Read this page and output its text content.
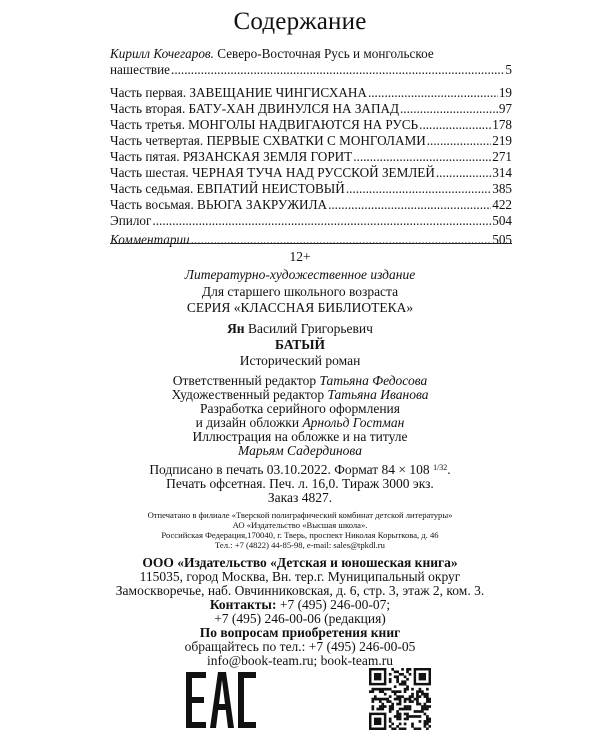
Содержание
Кирилл Кочегаров. Северо-Восточная Русь и монгольское
нашествие .....	5
Часть первая. ЗАВЕЩАНИЕ ЧИНГИСХАНА .....	19
Часть вторая. БАТУ-ХАН ДВИНУЛСЯ НА ЗАПАД .....	97
Часть третья. МОНГОЛЫ НАДВИГАЮТСЯ НА РУСЬ .....	178
Часть четвертая. ПЕРВЫЕ СХВАТКИ С МОНГОЛАМИ .....	219
Часть пятая. РЯЗАНСКАЯ ЗЕМЛЯ ГОРИТ .....	271
Часть шестая. ЧЕРНАЯ ТУЧА НАД РУССКОЙ ЗЕМЛЕЙ .....	314
Часть седьмая. ЕВПАТИЙ НЕИСТОВЫЙ .....	385
Часть восьмая. ВЬЮГА ЗАКРУЖИЛА .....	422
Эпилог .....	504
Комментарии .....	505
12+
Литературно-художественное издание
Для старшего школьного возраста
СЕРИЯ «КЛАССНАЯ БИБЛИОТЕКА»
Ян Василий Григорьевич
БАТЫЙ
Исторический роман
Ответственный редактор Татьяна Федосова
Художественный редактор Татьяна Иванова
Разработка серийного оформления
и дизайн обложки Арнольд Гостман
Иллюстрация на обложке и на титуле
Марьям Садердинова
Подписано в печать 03.10.2022. Формат 84 × 108 $^{1/32}$.
Печать офсетная. Печ. л. 16,0. Тираж 3000 экз.
Заказ 4827.
Отпечатано в филиале «Тверской полиграфический комбинат детской литературы»
АО «Издательство «Высшая школа».
Российская Федерация,170040, г. Тверь, проспект Николая Корыткова, д. 46
Тел.: +7 (4822) 44-85-98, e-mail: sales@tpkdl.ru
ООО «Издательство «Детская и юношеская книга»
115035, город Москва, Вн. тер.г. Муниципальный округ
Замоскворечье, наб. Овчинниковская, д. 6, стр. 3, этаж 2, ком. 3.
Контакты: +7 (495) 246-00-07;
+7 (495) 246-00-06 (редакция)
По вопросам приобретения книг
обращайтесь по тел.: +7 (495) 246-00-05
info@book-team.ru; book-team.ru
